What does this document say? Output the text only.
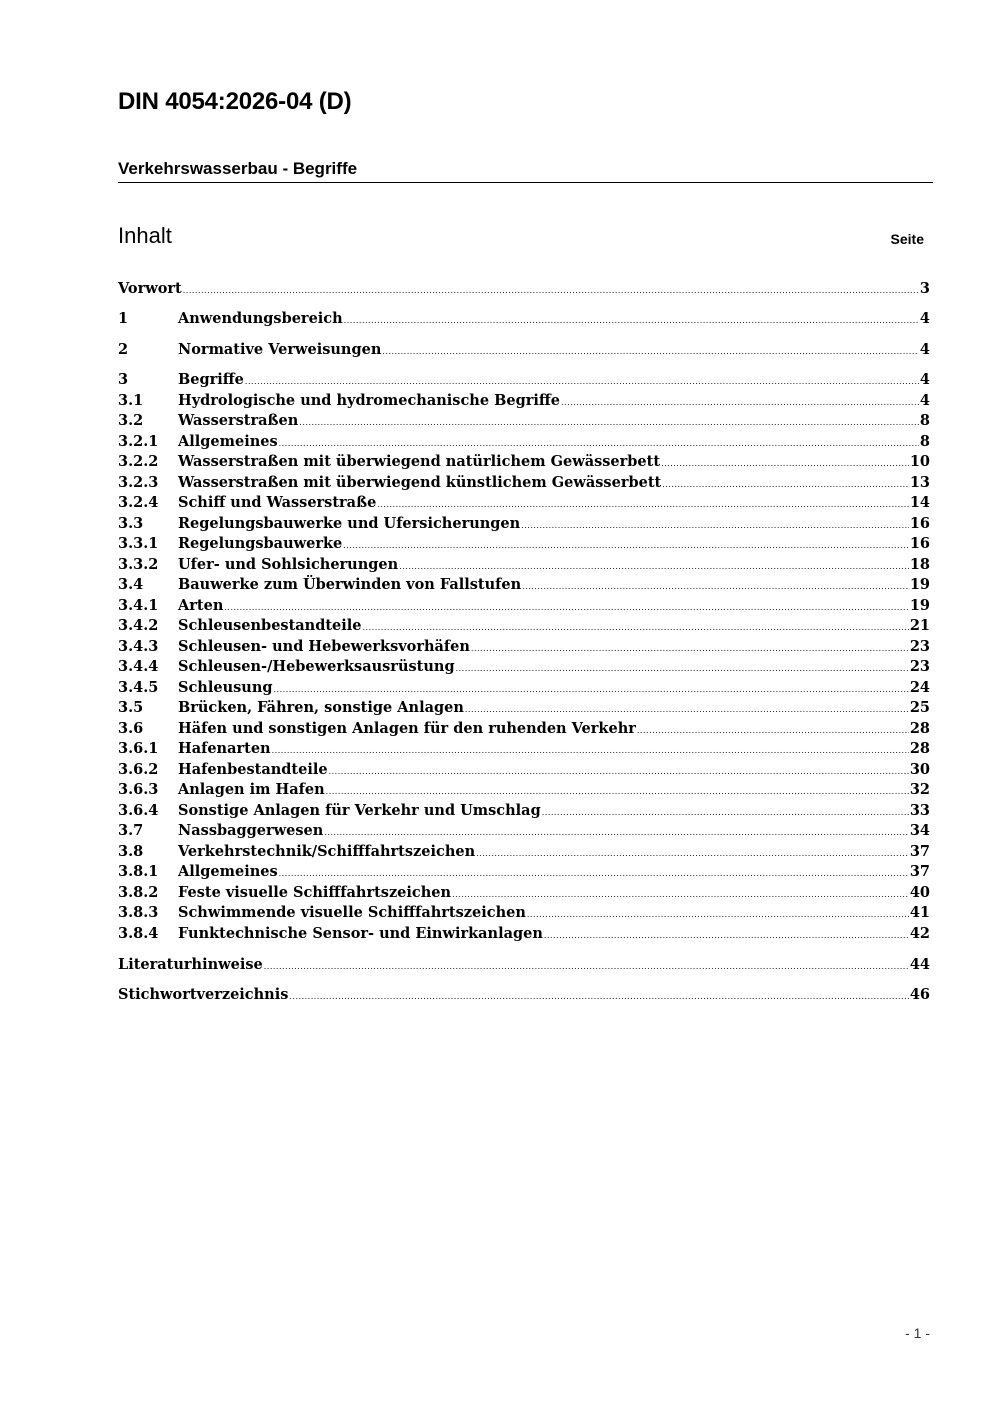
DIN 4054:2026-04 (D)
Verkehrswasserbau - Begriffe
Inhalt	Seite
Vorwort .....	3
1	Anwendungsbereich .....	4
2	Normative Verweisungen .....	4
3	Begriffe .....	4
3.1	Hydrologische und hydromechanische Begriffe .....	4
3.2	Wasserstraßen .....	8
3.2.1	Allgemeines .....	8
3.2.2	Wasserstraßen mit überwiegend natürlichem Gewässerbett .....	10
3.2.3	Wasserstraßen mit überwiegend künstlichem Gewässerbett .....	13
3.2.4	Schiff und Wasserstraße .....	14
3.3	Regelungsbauwerke und Ufersicherungen .....	16
3.3.1	Regelungsbauwerke .....	16
3.3.2	Ufer- und Sohlsicherungen .....	18
3.4	Bauwerke zum Überwinden von Fallstufen .....	19
3.4.1	Arten .....	19
3.4.2	Schleusenbestandteile .....	21
3.4.3	Schleusen- und Hebewerksvorhäfen .....	23
3.4.4	Schleusen-/Hebewerksausrüstung .....	23
3.4.5	Schleusung .....	24
3.5	Brücken, Fähren, sonstige Anlagen .....	25
3.6	Häfen und sonstigen Anlagen für den ruhenden Verkehr .....	28
3.6.1	Hafenarten .....	28
3.6.2	Hafenbestandteile .....	30
3.6.3	Anlagen im Hafen .....	32
3.6.4	Sonstige Anlagen für Verkehr und Umschlag .....	33
3.7	Nassbaggerwesen .....	34
3.8	Verkehrstechnik/Schifffahrtszeichen .....	37
3.8.1	Allgemeines .....	37
3.8.2	Feste visuelle Schifffahrtszeichen .....	40
3.8.3	Schwimmende visuelle Schifffahrtszeichen .....	41
3.8.4	Funktechnische Sensor- und Einwirkanlagen .....	42
Literaturhinweise .....	44
Stichwortverzeichnis .....	46
- 1 -
